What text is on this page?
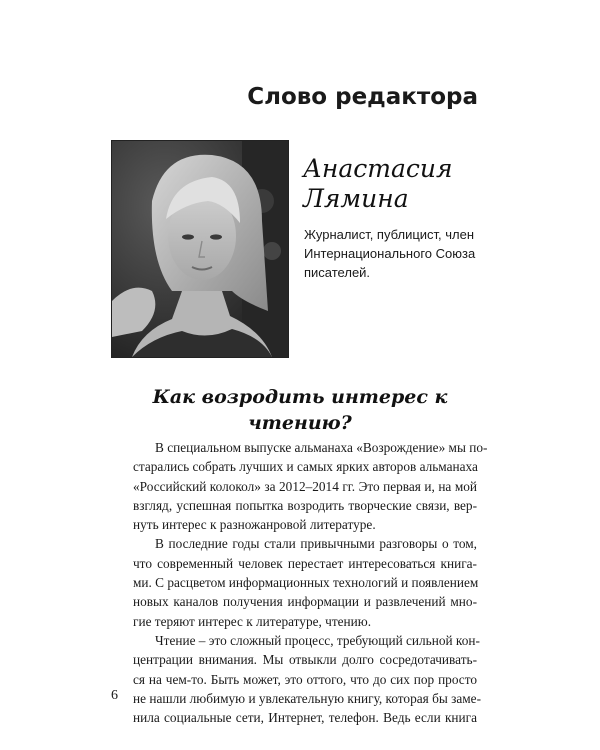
Слово редактора
Анастасия
Лямина
Журналист, публицист, член Интернационального Союза писателей.
Как возродить интерес к чтению?

В специальном выпуске альманаха «Возрождение» мы по-
старались собрать лучших и самых ярких авторов альманаха
«Российский колокол» за 2012–2014 гг. Это первая и, на мой
взгляд, успешная попытка возродить творческие связи, вер-
нуть интерес к разножанровой литературе.

В последние годы стали привычными разговоры о том,
что современный человек перестает интересоваться книга-
ми. С расцветом информационных технологий и появлением
новых каналов получения информации и развлечений мно-
гие теряют интерес к литературе, чтению.

Чтение – это сложный процесс, требующий сильной кон-
центрации внимания. Мы отвыкли долго сосредотачивать-
ся на чем-то. Быть может, это оттого, что до сих пор просто
не нашли любимую и увлекательную книгу, которая бы заме-
нила социальные сети, Интернет, телефон. Ведь если книга

6
